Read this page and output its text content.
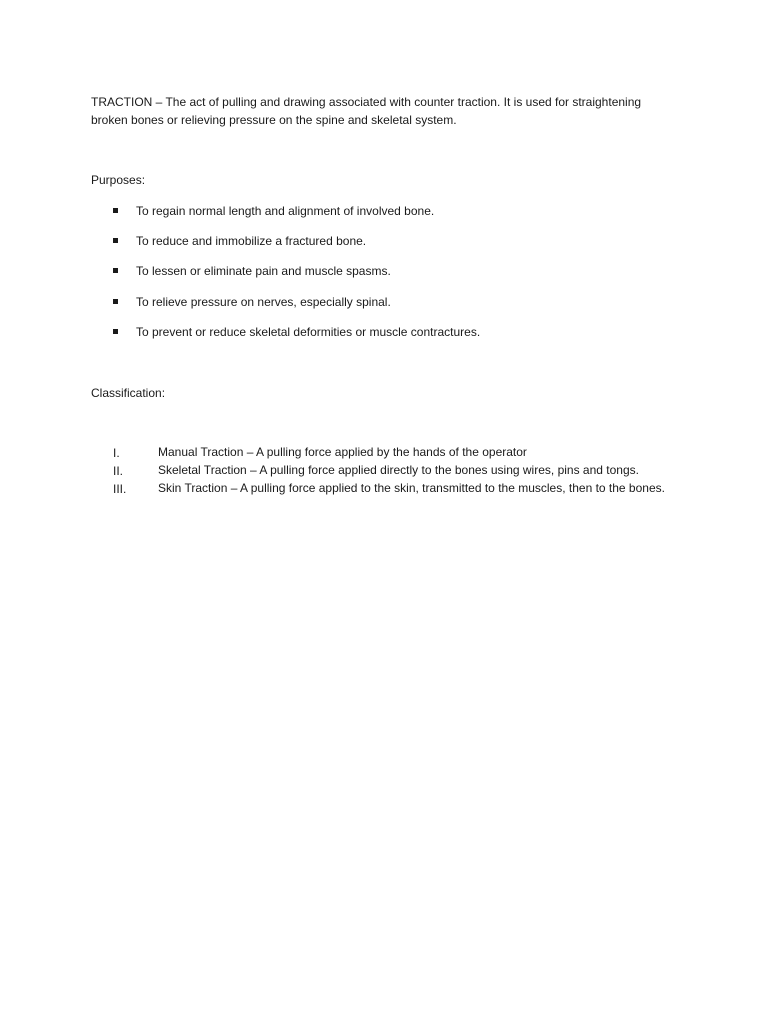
TRACTION – The act of pulling and drawing associated with counter traction. It is used for straightening broken bones or relieving pressure on the spine and skeletal system.

Purposes:

To regain normal length and alignment of involved bone.
To reduce and immobilize a fractured bone.
To lessen or eliminate pain and muscle spasms.
To relieve pressure on nerves, especially spinal.
To prevent or reduce skeletal deformities or muscle contractures.

Classification:

I.	Manual Traction – A pulling force applied by the hands of the operator
II.	Skeletal Traction – A pulling force applied directly to the bones using wires, pins and tongs.
III.	Skin Traction – A pulling force applied to the skin, transmitted to the muscles, then to the bones.
